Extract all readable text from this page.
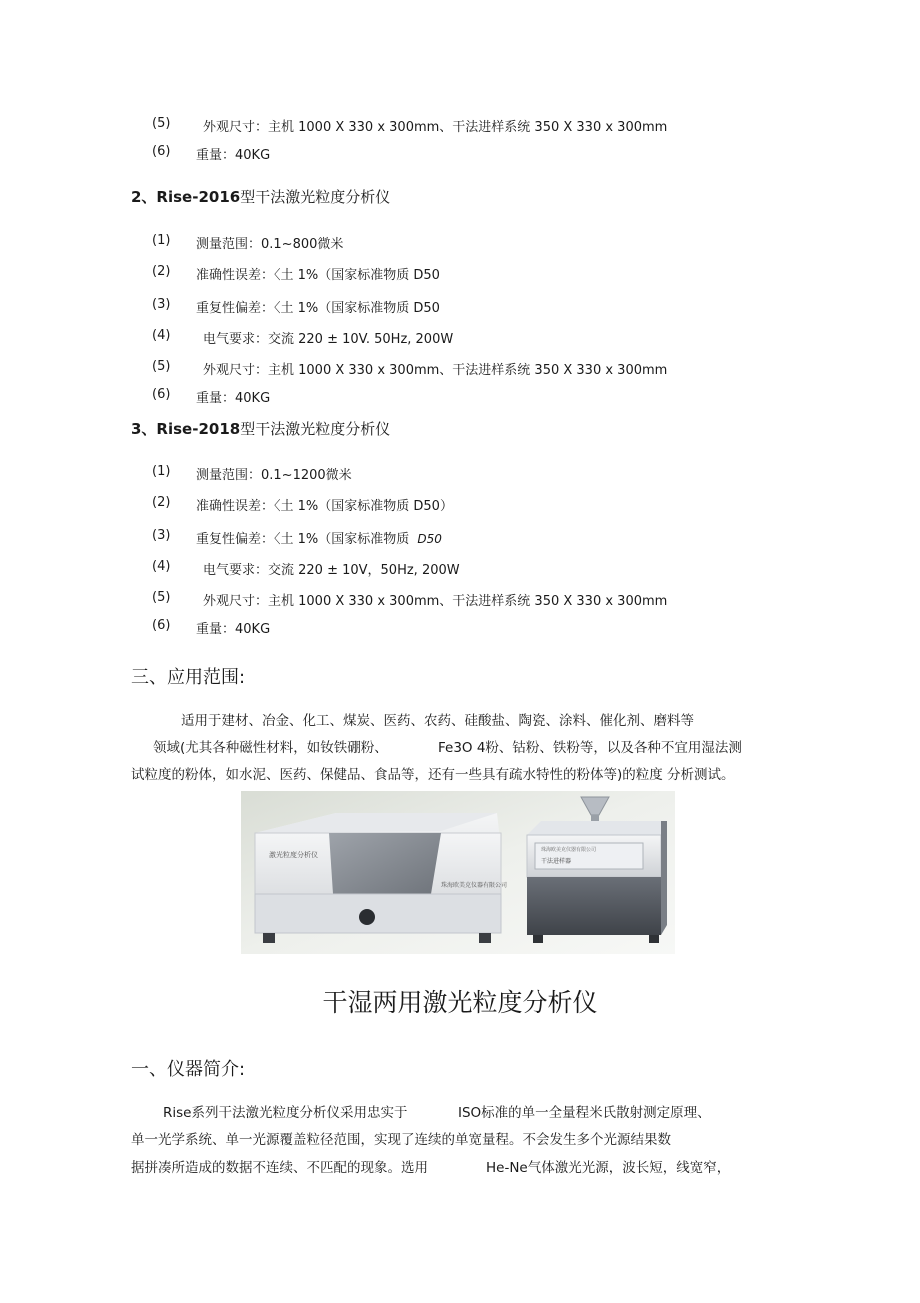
(5)	外观尺寸：主机 1000 X 330 x 300mm、干法进样系统 350 X 330 x 300mm
(6) 重量：40KG
2、Rise-2016型干法激光粒度分析仪
(1) 测量范围：0.1~800微米
(2) 准确性误差：〈土 1%（国家标准物质 D50
(3) 重复性偏差：〈土 1%（国家标准物质 D50
(4)	电气要求：交流 220 ± 10V. 50Hz, 200W
(5)	外观尺寸：主机 1000 X 330 x 300mm、干法进样系统 350 X 330 x 300mm
(6) 重量：40KG
3、Rise-2018型干法激光粒度分析仪
(1) 测量范围：0.1~1200微米
(2) 准确性误差：〈土 1%（国家标准物质 D50）
(3) 重复性偏差：〈土 1%（国家标准物质 D50
(4)	电气要求：交流 220 ± 10V，50Hz, 200W
(5)	外观尺寸：主机 1000 X 330 x 300mm、干法进样系统 350 X 330 x 300mm
(6) 重量：40KG
三、应用范围:
适用于建材、冶金、化工、煤炭、医药、农药、硅酸盐、陶瓷、涂料、催化剂、磨料等
领域(尤其各种磁性材料，如钕铁硼粉、	Fe3O 4粉、钴粉、铁粉等，以及各种不宜用湿法测
试粒度的粉体，如水泥、医药、保健品、食品等，还有一些具有疏水特性的粉体等)的粒度 分析测试。
激光粒度分析仪
珠海欧美克仪器有限公司
珠海欧美克仪器有限公司
干法进样器
干湿两用激光粒度分析仪
一、仪器简介:
Rise系列干法激光粒度分析仪采用忠实于	ISO标准的单一全量程米氏散射测定原理、
单一光学系统、单一光源覆盖粒径范围，实现了连续的单宽量程。不会发生多个光源结果数
据拼凑所造成的数据不连续、不匹配的现象。选用	He-Ne气体激光光源，波长短，线宽窄，
